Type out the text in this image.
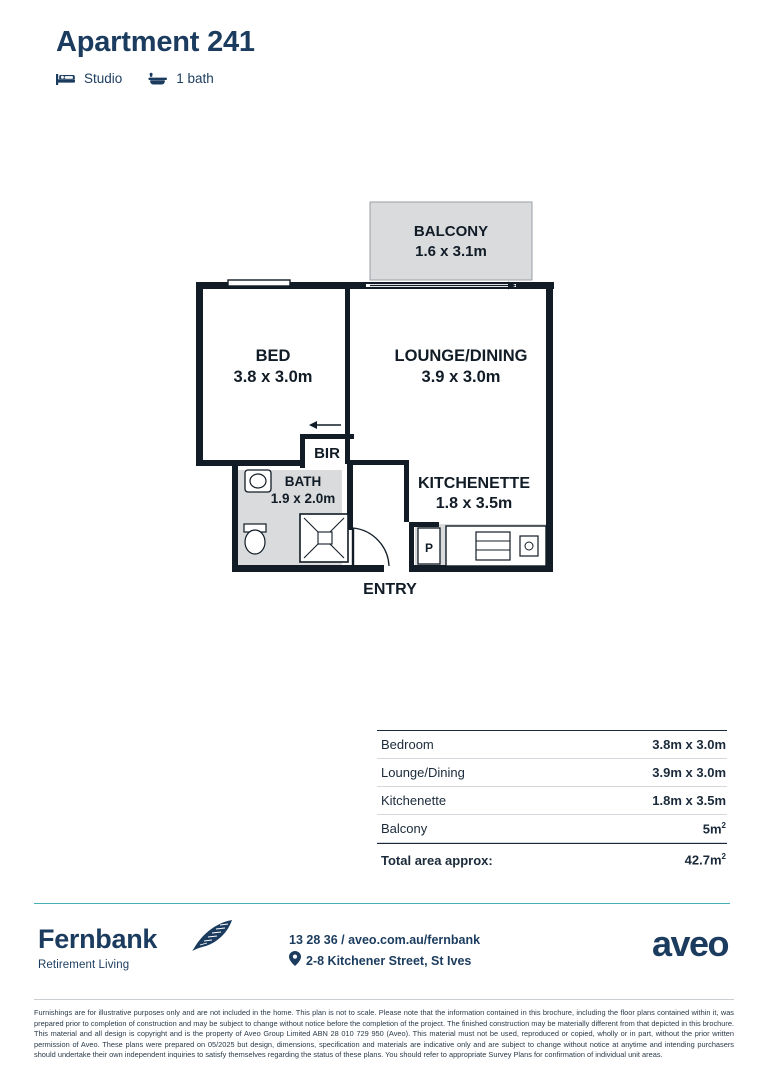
Apartment 241
Studio	1 bath
BALCONY
1.6 x 3.1m
BED
3.8 x 3.0m
LOUNGE/DINING
3.9 x 3.0m
BIR
BATH
1.9 x 2.0m
KITCHENETTE
1.8 x 3.5m
P
ENTRY
Bedroom	3.8m x 3.0m
Lounge/Dining	3.9m x 3.0m
Kitchenette	1.8m x 3.5m
Balcony	$5m^2$
Total area approx:	$42.7m^2$
Fernbank
Retirement Living
13 28 36 / aveo.com.au/fernbank
2-8 Kitchener Street, St Ives	aveo
Furnishings are for illustrative purposes only and are not included in the home. This plan is not to scale. Please note that the information contained in this brochure, including the floor plans contained within it, was prepared prior to completion of construction and may be subject to change without notice before the completion of the project. The finished construction may be materially different from that depicted in this brochure. This material and all design is copyright and is the property of Aveo Group Limited ABN 28 010 729 950 (Aveo). This material must not be used, reproduced or copied, wholly or in part, without the prior written permission of Aveo. These plans were prepared on 05/2025 but design, dimensions, specification and materials are indicative only and are subject to change without notice at anytime and intending purchasers should undertake their own independent inquiries to satisfy themselves regarding the status of these plans. You should refer to appropriate Survey Plans for confirmation of individual unit areas.
